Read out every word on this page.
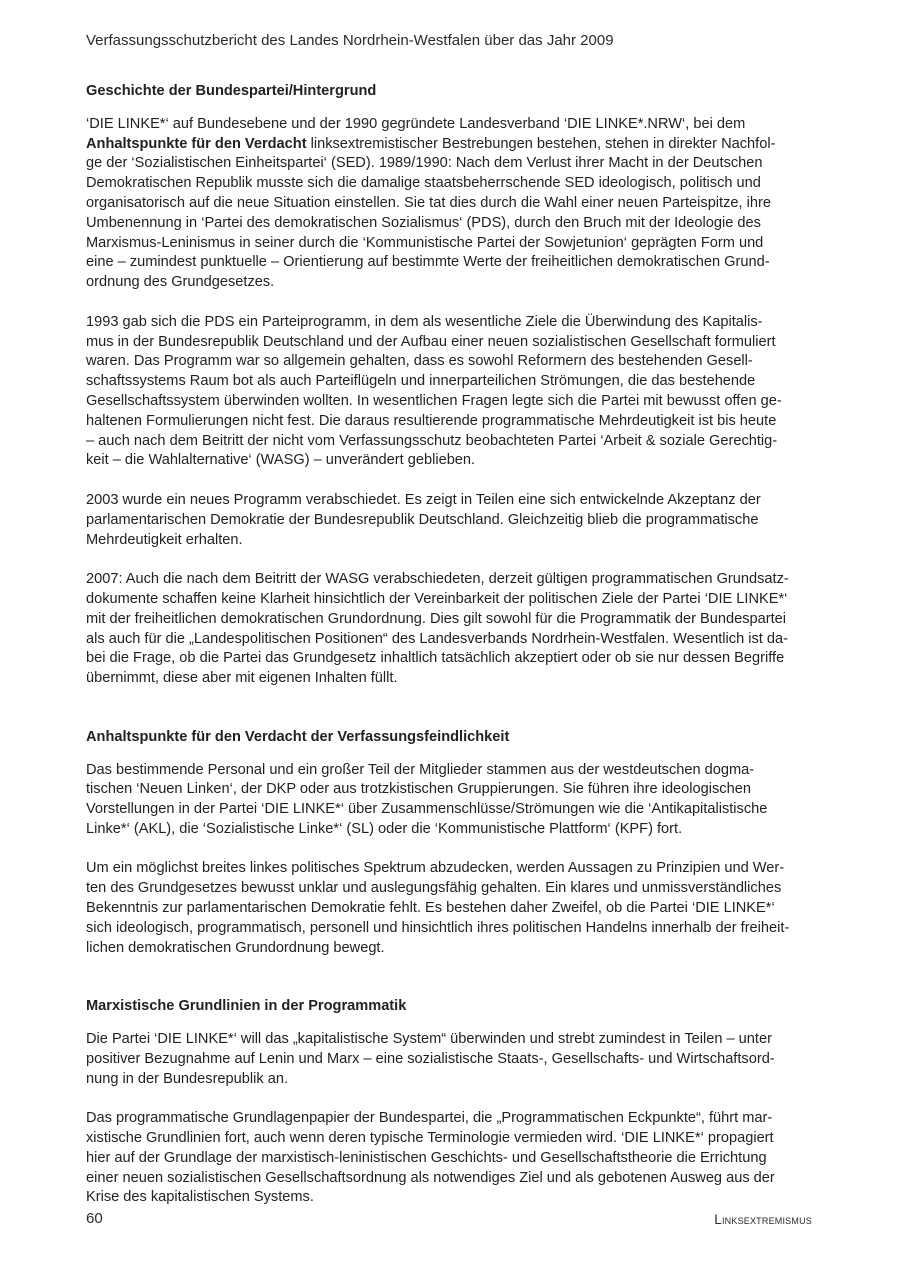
Verfassungsschutzbericht des Landes Nordrhein-Westfalen über das Jahr 2009
Geschichte der Bundespartei/Hintergrund

‘DIE LINKE*‘ auf Bundesebene und der 1990 gegründete Landesverband ‘DIE LINKE*.NRW‘, bei dem
Anhaltspunkte für den Verdacht linksextremistischer Bestrebungen bestehen, stehen in direkter Nachfol-
ge der ‘Sozialistischen Einheitspartei‘ (SED). 1989/1990: Nach dem Verlust ihrer Macht in der Deutschen
Demokratischen Republik musste sich die damalige staatsbeherrschende SED ideologisch, politisch und
organisatorisch auf die neue Situation einstellen. Sie tat dies durch die Wahl einer neuen Parteispitze, ihre
Umbenennung in ‘Partei des demokratischen Sozialismus‘ (PDS), durch den Bruch mit der Ideologie des
Marxismus-Leninismus in seiner durch die ‘Kommunistische Partei der Sowjetunion‘ geprägten Form und
eine – zumindest punktuelle – Orientierung auf bestimmte Werte der freiheitlichen demokratischen Grund-
ordnung des Grundgesetzes.

1993 gab sich die PDS ein Parteiprogramm, in dem als wesentliche Ziele die Überwindung des Kapitalis-
mus in der Bundesrepublik Deutschland und der Aufbau einer neuen sozialistischen Gesellschaft formuliert
waren. Das Programm war so allgemein gehalten, dass es sowohl Reformern des bestehenden Gesell-
schaftssystems Raum bot als auch Parteiflügeln und innerparteilichen Strömungen, die das bestehende
Gesellschaftssystem überwinden wollten. In wesentlichen Fragen legte sich die Partei mit bewusst offen ge-
haltenen Formulierungen nicht fest. Die daraus resultierende programmatische Mehrdeutigkeit ist bis heute
– auch nach dem Beitritt der nicht vom Verfassungsschutz beobachteten Partei ‘Arbeit & soziale Gerechtig-
keit – die Wahlalternative‘ (WASG) – unverändert geblieben.

2003 wurde ein neues Programm verabschiedet. Es zeigt in Teilen eine sich entwickelnde Akzeptanz der
parlamentarischen Demokratie der Bundesrepublik Deutschland. Gleichzeitig blieb die programmatische
Mehrdeutigkeit erhalten.

2007: Auch die nach dem Beitritt der WASG verabschiedeten, derzeit gültigen programmatischen Grundsatz-
dokumente schaffen keine Klarheit hinsichtlich der Vereinbarkeit der politischen Ziele der Partei ‘DIE LINKE*‘
mit der freiheitlichen demokratischen Grundordnung. Dies gilt sowohl für die Programmatik der Bundespartei
als auch für die „Landespolitischen Positionen“ des Landesverbands Nordrhein-Westfalen. Wesentlich ist da-
bei die Frage, ob die Partei das Grundgesetz inhaltlich tatsächlich akzeptiert oder ob sie nur dessen Begriffe
übernimmt, diese aber mit eigenen Inhalten füllt.

Anhaltspunkte für den Verdacht der Verfassungsfeindlichkeit

Das bestimmende Personal und ein großer Teil der Mitglieder stammen aus der westdeutschen dogma-
tischen ‘Neuen Linken‘, der DKP oder aus trotzkistischen Gruppierungen. Sie führen ihre ideologischen
Vorstellungen in der Partei ‘DIE LINKE*‘ über Zusammenschlüsse/Strömungen wie die ‘Antikapitalistische
Linke*‘ (AKL), die ‘Sozialistische Linke*‘ (SL) oder die ‘Kommunistische Plattform‘ (KPF) fort.

Um ein möglichst breites linkes politisches Spektrum abzudecken, werden Aussagen zu Prinzipien und Wer-
ten des Grundgesetzes bewusst unklar und auslegungsfähig gehalten. Ein klares und unmissverständliches
Bekenntnis zur parlamentarischen Demokratie fehlt. Es bestehen daher Zweifel, ob die Partei ‘DIE LINKE*‘
sich ideologisch, programmatisch, personell und hinsichtlich ihres politischen Handelns innerhalb der freiheit-
lichen demokratischen Grundordnung bewegt.

Marxistische Grundlinien in der Programmatik

Die Partei ‘DIE LINKE*‘ will das „kapitalistische System“ überwinden und strebt zumindest in Teilen – unter
positiver Bezugnahme auf Lenin und Marx – eine sozialistische Staats-, Gesellschafts- und Wirtschaftsord-
nung in der Bundesrepublik an.

Das programmatische Grundlagenpapier der Bundespartei, die „Programmatischen Eckpunkte“, führt mar-
xistische Grundlinien fort, auch wenn deren typische Terminologie vermieden wird. ‘DIE LINKE*‘ propagiert
hier auf der Grundlage der marxistisch-leninistischen Geschichts- und Gesellschaftstheorie die Errichtung
einer neuen sozialistischen Gesellschaftsordnung als notwendiges Ziel und als gebotenen Ausweg aus der
Krise des kapitalistischen Systems.

60	Linksextremismus
